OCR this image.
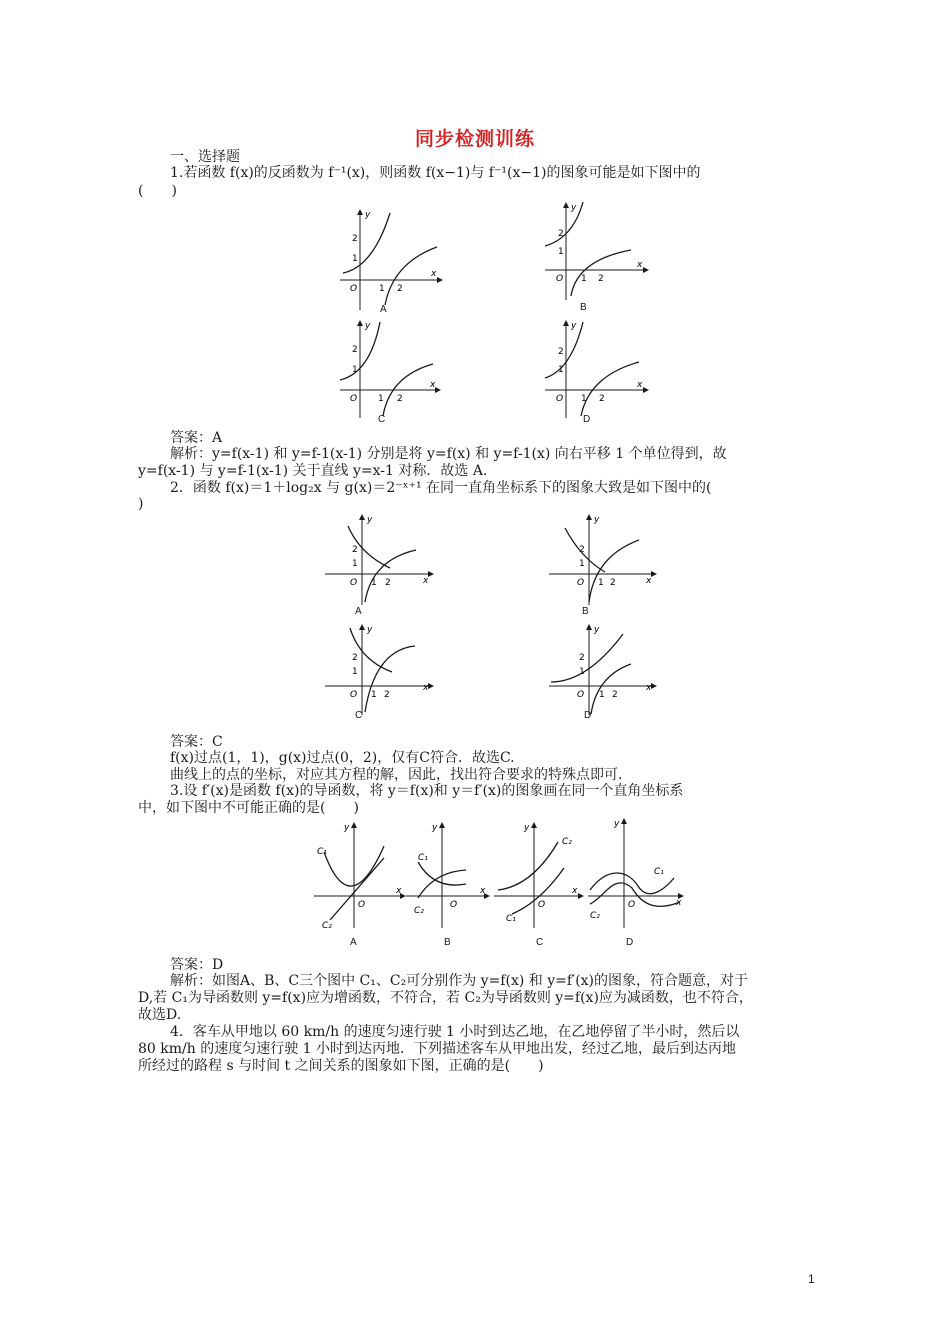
同步检测训练
一、选择题
1.若函数 f(x)的反函数为 f⁻¹(x)，则函数 f(x−1)与 f⁻¹(x−1)的图象可能是如下图中的
(　　)
y
x
O
2
1
1 2
A
y
x
O
2
1
1 2
B
y
x
O
2
1
1 2
C
y
x
O
2
1
1 2
D
答案：A
解析：y=f(x-1) 和 y=f-1(x-1) 分别是将 y=f(x) 和 y=f-1(x) 向右平移 1 个单位得到，故
y=f(x-1) 与 y=f-1(x-1) 关于直线 y=x-1 对称．故选 A.
2．函数 f(x)＝1＋log₂x 与 g(x)＝2⁻ˣ⁺¹ 在同一直角坐标系下的图象大致是如下图中的(
)
y
x
O
2
1
1 2
A
y
x
O
2
1
1 2
B
y
x
O
2
1
1 2
C
y
x
O
2
1
1 2
D
答案：C
f(x)过点(1，1)，g(x)过点(0，2)，仅有C符合．故选C.
曲线上的点的坐标，对应其方程的解，因此，找出符合要求的特殊点即可.
3.设 f′(x)是函数 f(x)的导函数，将 y＝f(x)和 y＝f′(x)的图象画在同一个直角坐标系
中，如下图中不可能正确的是(　　)
y
x
O
C₁
C₂
A
y
x
O
C₁
C₂
B
y
x
O
C₂
C₁
C
y
x
O
C₁
C₂
D
答案：D
解析：如图A、B、C三个图中 C₁、C₂可分别作为 y=f(x) 和 y=f′(x)的图象，符合题意，对于
D,若 C₁为导函数则 y=f(x)应为增函数，不符合，若 C₂为导函数则 y=f(x)应为减函数，也不符合，
故选D.
4．客车从甲地以 60 km/h 的速度匀速行驶 1 小时到达乙地，在乙地停留了半小时，然后以
80 km/h 的速度匀速行驶 1 小时到达丙地．下列描述客车从甲地出发，经过乙地，最后到达丙地
所经过的路程 s 与时间 t 之间关系的图象如下图，正确的是(　　)
1
